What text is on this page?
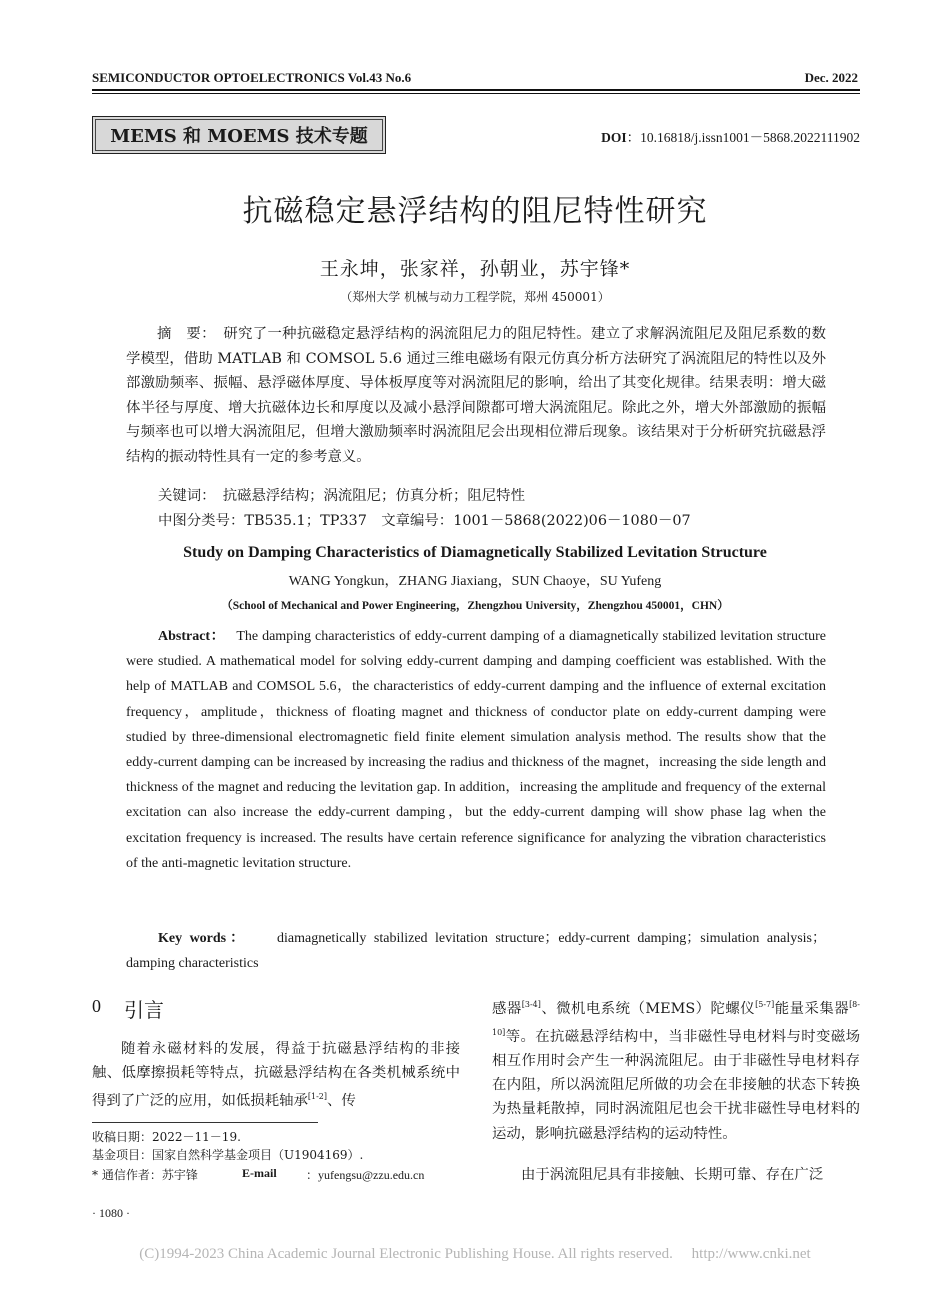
SEMICONDUCTOR OPTOELECTRONICS Vol.43 No.6	Dec. 2022
MEMS 和 MOEMS 技术专题	DOI：10.16818/j.issn1001－5868.2022111902
抗磁稳定悬浮结构的阻尼特性研究
王永坤，张家祥，孙朝业，苏宇锋*
（郑州大学 机械与动力工程学院，郑州 450001）
摘　要：　研究了一种抗磁稳定悬浮结构的涡流阻尼力的阻尼特性。建立了求解涡流阻尼及阻尼系数的数学模型，借助 MATLAB 和 COMSOL 5.6 通过三维电磁场有限元仿真分析方法研究了涡流阻尼的特性以及外部激励频率、振幅、悬浮磁体厚度、导体板厚度等对涡流阻尼的影响，给出了其变化规律。结果表明：增大磁体半径与厚度、增大抗磁体边长和厚度以及减小悬浮间隙都可增大涡流阻尼。除此之外，增大外部激励的振幅与频率也可以增大涡流阻尼，但增大激励频率时涡流阻尼会出现相位滞后现象。该结果对于分析研究抗磁悬浮结构的振动特性具有一定的参考意义。
关键词：　抗磁悬浮结构；涡流阻尼；仿真分析；阻尼特性
中图分类号：TB535.1；TP337　文章编号：1001－5868(2022)06－1080－07
Study on Damping Characteristics of Diamagnetically Stabilized Levitation Structure
WANG Yongkun，ZHANG Jiaxiang，SUN Chaoye，SU Yufeng
（School of Mechanical and Power Engineering，Zhengzhou University，Zhengzhou 450001，CHN）
Abstract：　 The damping characteristics of eddy-current damping of a diamagnetically stabilized levitation structure were studied. A mathematical model for solving eddy-current damping and damping coefficient was established. With the help of MATLAB and COMSOL 5.6，the characteristics of eddy-current damping and the influence of external excitation frequency，amplitude，thickness of floating magnet and thickness of conductor plate on eddy-current damping were studied by three-dimensional electromagnetic field finite element simulation analysis method. The results show that the eddy-current damping can be increased by increasing the radius and thickness of the magnet，increasing the side length and thickness of the magnet and reducing the levitation gap. In addition，increasing the amplitude and frequency of the external excitation can also increase the eddy-current damping，but the eddy-current damping will show phase lag when the excitation frequency is increased. The results have certain reference significance for analyzing the vibration characteristics of the anti-magnetic levitation structure.
Key words：　　	diamagnetically stabilized levitation structure；eddy-current damping；simulation analysis；damping characteristics
0 引言
随着永磁材料的发展，得益于抗磁悬浮结构的非接触、低摩擦损耗等特点，抗磁悬浮结构在各类机械系统中得到了广泛的应用，如低损耗轴承[1-2]、传
感器[3-4]、微机电系统（MEMS）陀螺仪[5-7]能量采集器[8-10]等。在抗磁悬浮结构中，当非磁性导电材料与时变磁场相互作用时会产生一种涡流阻尼。由于非磁性导电材料存在内阻，所以涡流阻尼所做的功会在非接触的状态下转换为热量耗散掉，同时涡流阻尼也会干扰非磁性导电材料的运动，影响抗磁悬浮结构的运动特性。
由于涡流阻尼具有非接触、长期可靠、存在广泛
收稿日期：2022－11－19.
基金项目：国家自然科学基金项目（U1904169）.
* 通信作者：苏宇锋	E-mail ：yufengsu@zzu.edu.cn
· 1080 ·
(C)1994-2023 China Academic Journal Electronic Publishing House. All rights reserved.　 http://www.cnki.net
